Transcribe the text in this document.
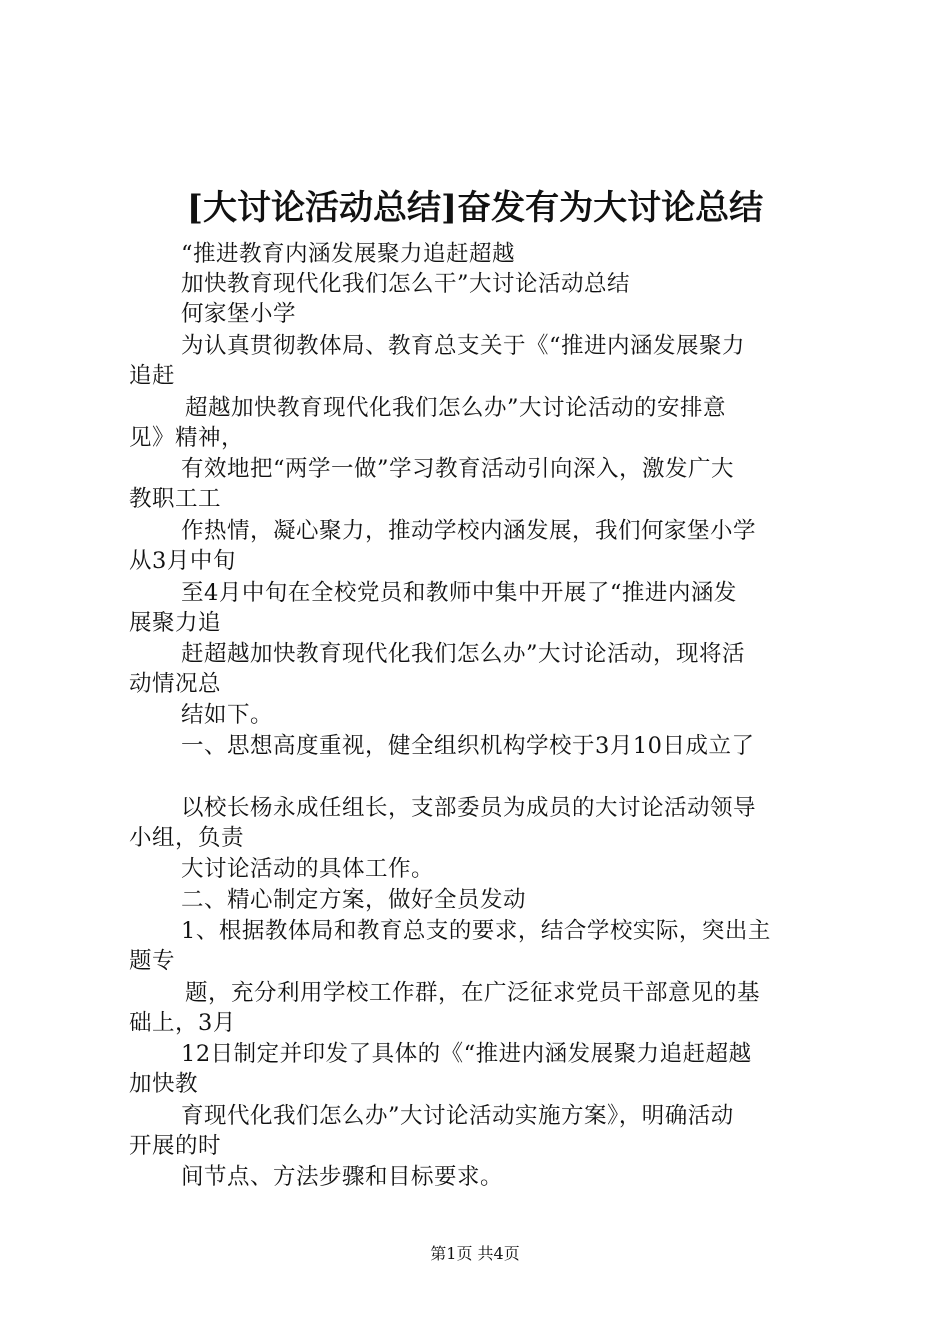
[大讨论活动总结]奋发有为大讨论总结
“推进教育内涵发展聚力追赶超越
加快教育现代化我们怎么干”大讨论活动总结
何家堡小学
为认真贯彻教体局、教育总支关于《“推进内涵发展聚力
追赶
超越加快教育现代化我们怎么办”大讨论活动的安排意
见》精神，
有效地把“两学一做”学习教育活动引向深入，激发广大
教职工工
作热情，凝心聚力，推动学校内涵发展，我们何家堡小学
从3月中旬
至4月中旬在全校党员和教师中集中开展了“推进内涵发
展聚力追
赶超越加快教育现代化我们怎么办”大讨论活动，现将活
动情况总
结如下。
一、思想高度重视，健全组织机构学校于3月10日成立了
以校长杨永成任组长，支部委员为成员的大讨论活动领导
小组，负责
大讨论活动的具体工作。
二、精心制定方案，做好全员发动
1、根据教体局和教育总支的要求，结合学校实际，突出主
题专
题，充分利用学校工作群，在广泛征求党员干部意见的基
础上，3月
12日制定并印发了具体的《“推进内涵发展聚力追赶超越
加快教
育现代化我们怎么办”大讨论活动实施方案》，明确活动
开展的时
间节点、方法步骤和目标要求。
第1页 共4页
